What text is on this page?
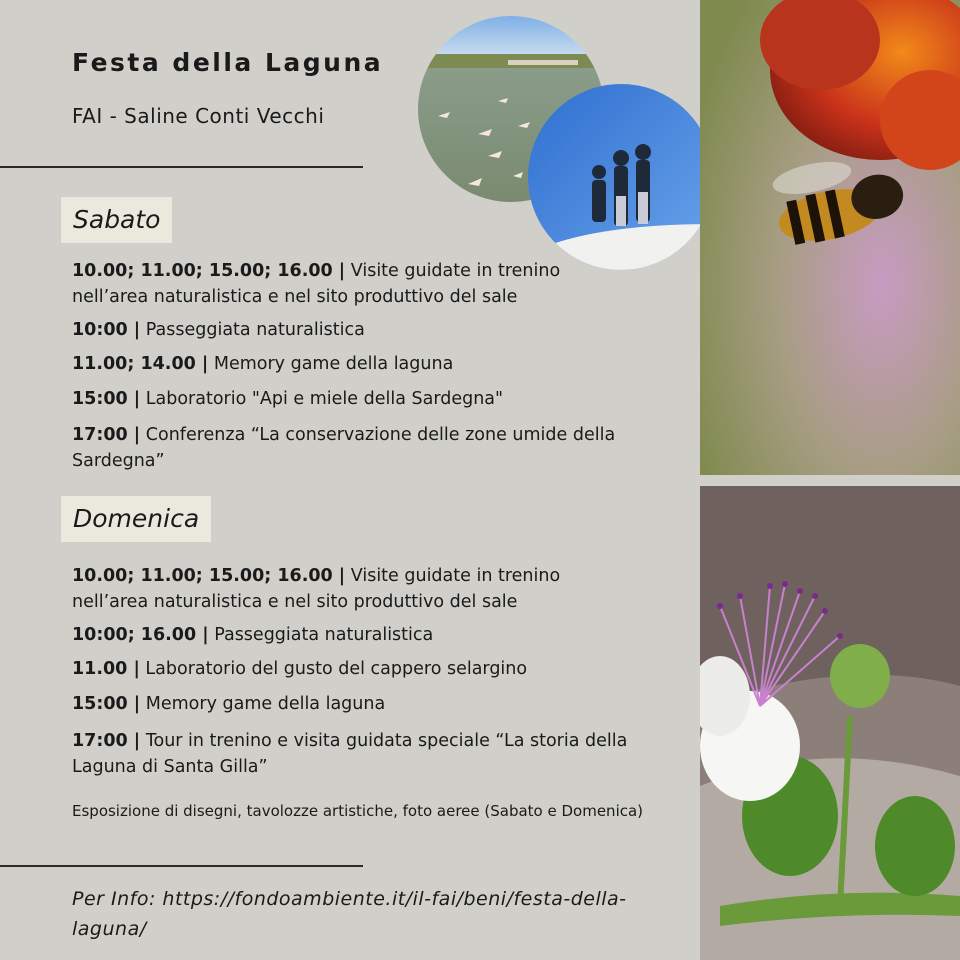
Festa della Laguna
FAI - Saline Conti Vecchi
Sabato
10.00; 11.00; 15.00; 16.00 | Visite guidate in trenino nell’area naturalistica e nel sito produttivo del sale
10:00 | Passeggiata naturalistica
11.00; 14.00 | Memory game della laguna
15:00 | Laboratorio "Api e miele della Sardegna"
17:00 | Conferenza “La conservazione delle zone umide della Sardegna”
Domenica
10.00; 11.00; 15.00; 16.00 | Visite guidate in trenino nell’area naturalistica e nel sito produttivo del sale
10:00; 16.00 | Passeggiata naturalistica
11.00 | Laboratorio del gusto del cappero selargino
15:00 | Memory game della laguna
17:00 | Tour in trenino e visita guidata speciale “La storia della Laguna di Santa Gilla”
Esposizione di disegni, tavolozze artistiche, foto aeree (Sabato e Domenica)
Per Info: https://fondoambiente.it/il-fai/beni/festa-della-laguna/
